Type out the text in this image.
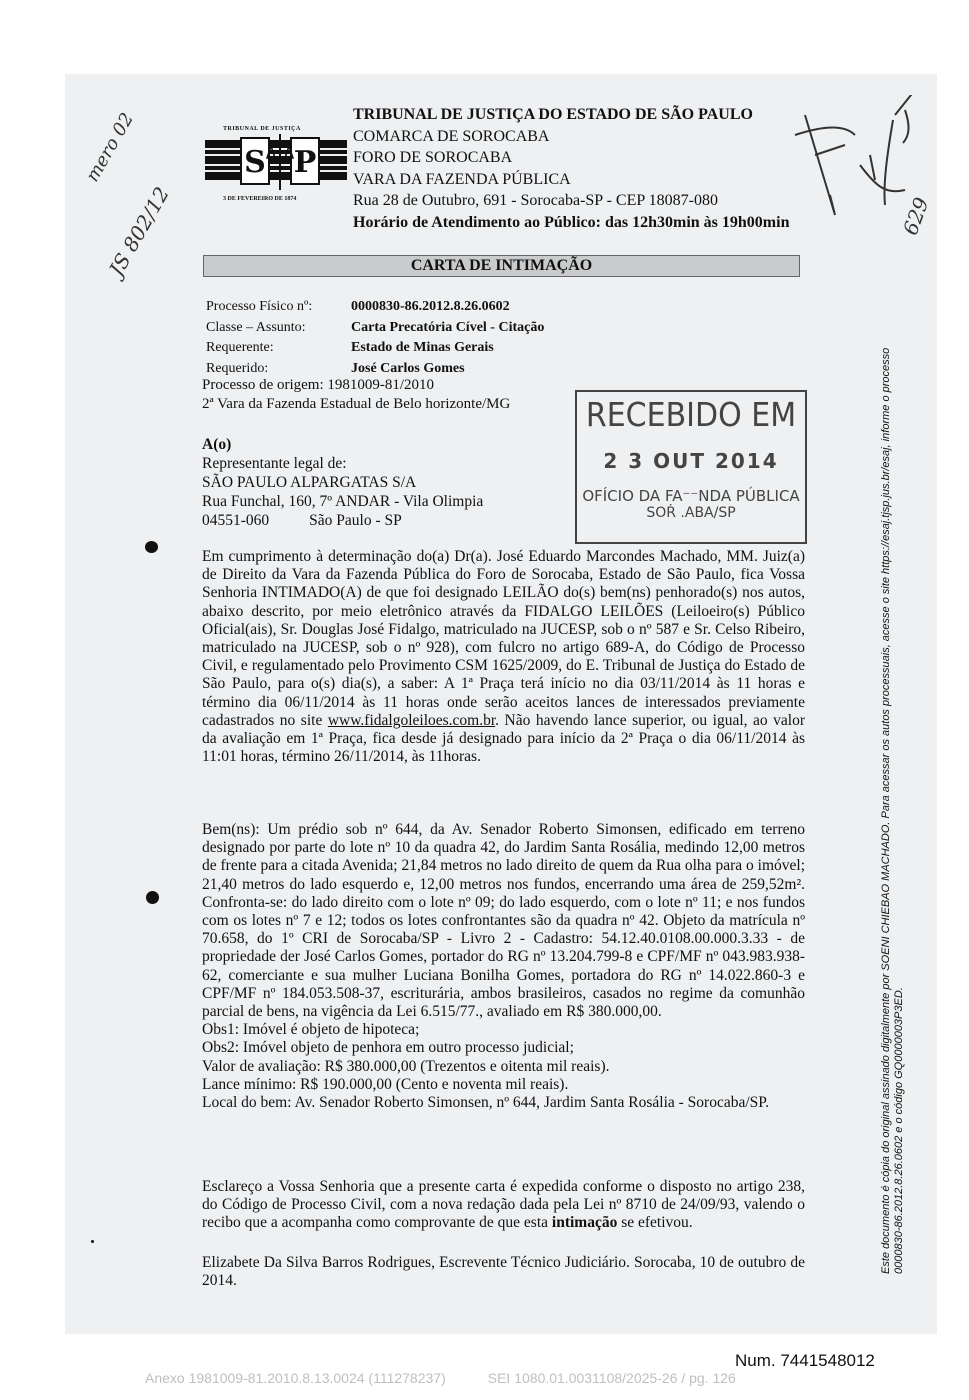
S P
TRIBUNAL DE JUSTIÇA
3 DE FEVEREIRO DE 1874
TRIBUNAL DE JUSTIÇA DO ESTADO DE SÃO PAULO
COMARCA DE SOROCABA
FORO DE SOROCABA
VARA DA FAZENDA PÚBLICA
Rua 28 de Outubro, 691 - Sorocaba-SP - CEP 18087-080
Horário de Atendimento ao Público: das 12h30min às 19h00min	629
mero 02
JS 802/12	CARTA DE INTIMAÇÃO
Processo Físico nº:	0000830-86.2012.8.26.0602
Classe – Assunto:	Carta Precatória Cível - Citação
Requerente:	Estado de Minas Gerais
Requerido:	José Carlos Gomes
Processo de origem: 1981009-81/2010
2ª Vara da Fazenda Estadual de Belo horizonte/MG
A(o)
Representante legal de:
SÃO PAULO ALPARGATAS S/A
Rua Funchal, 160, 7º ANDAR - Vila Olimpia
04551-060	São Paulo - SP
RECEBIDO EM
2 3 OUT 2014
OFÍCIO DA FA⁻⁻NDA PÚBLICA
SOṘ .ABA/SP
Em cumprimento à determinação do(a) Dr(a). José Eduardo Marcondes Machado, MM. Juiz(a) de Direito da Vara da Fazenda Pública do Foro de Sorocaba, Estado de São Paulo, fica Vossa Senhoria INTIMADO(A) de que foi designado LEILÃO do(s) bem(ns) penhorado(s) nos autos, abaixo descrito, por meio eletrônico através da FIDALGO LEILÕES (Leiloeiro(s) Público Oficial(ais), Sr. Douglas José Fidalgo, matriculado na JUCESP, sob o nº 587 e Sr. Celso Ribeiro, matriculado na JUCESP, sob o nº 928), com fulcro no artigo 689-A, do Código de Processo Civil, e regulamentado pelo Provimento CSM 1625/2009, do E. Tribunal de Justiça do Estado de São Paulo, para o(s) dia(s), a saber: A 1ª Praça terá início no dia 03/11/2014 às 11 horas e término dia 06/11/2014 às 11 horas onde serão aceitos lances de interessados previamente cadastrados no site www.fidalgoleiloes.com.br. Não havendo lance superior, ou igual, ao valor da avaliação em 1ª Praça, fica desde já designado para início da 2ª Praça o dia 06/11/2014 às 11:01 horas, término 26/11/2014, às 11horas.
Bem(ns): Um prédio sob nº 644, da Av. Senador Roberto Simonsen, edificado em terreno designado por parte do lote nº 10 da quadra 42, do Jardim Santa Rosália, medindo 12,00 metros de frente para a citada Avenida; 21,84 metros no lado direito de quem da Rua olha para o imóvel; 21,40 metros do lado esquerdo e, 12,00 metros nos fundos, encerrando uma área de 259,52m². Confronta-se: do lado direito com o lote nº 09; do lado esquerdo, com o lote nº 11; e nos fundos com os lotes nº 7 e 12; todos os lotes confrontantes são da quadra nº 42. Objeto da matrícula nº 70.658, do 1º CRI de Sorocaba/SP - Livro 2 - Cadastro: 54.12.40.0108.00.000.3.33 - de propriedade der José Carlos Gomes, portador do RG nº 13.204.799-8 e CPF/MF nº 043.983.938-62, comerciante e sua mulher Luciana Bonilha Gomes, portadora do RG nº 14.022.860-3 e CPF/MF nº 184.053.508-37, escriturária, ambos brasileiros, casados no regime da comunhão parcial de bens, na vigência da Lei 6.515/77., avaliado em R$ 380.000,00.
Obs1: Imóvel é objeto de hipoteca;
Obs2: Imóvel objeto de penhora em outro processo judicial;
Valor de avaliação: R$ 380.000,00 (Trezentos e oitenta mil reais).
Lance mínimo: R$ 190.000,00 (Cento e noventa mil reais).
Local do bem: Av. Senador Roberto Simonsen, nº 644, Jardim Santa Rosália - Sorocaba/SP.
Esclareço a Vossa Senhoria que a presente carta é expedida conforme o disposto no artigo 238, do Código de Processo Civil, com a nova redação dada pela Lei nº 8710 de 24/09/93, valendo o recibo que a acompanha como comprovante de que esta intimação se efetivou.
Elizabete Da Silva Barros Rodrigues, Escrevente Técnico Judiciário. Sorocaba, 10 de outubro de 2014.
Este documento é cópia do original assinado digitalmente por SOENI CHIEBAO MACHADO. Para acessar os autos processuais, acesse o site https://esaj.tjsp.jus.br/esaj, informe o processo 0000830-86.2012.8.26.0602 e o código GQ0000003P3ED.
Num. 7441548012
Anexo 1981009-81.2010.8.13.0024 (111278237)	SEI 1080.01.0031108/2025-26 / pg. 126
